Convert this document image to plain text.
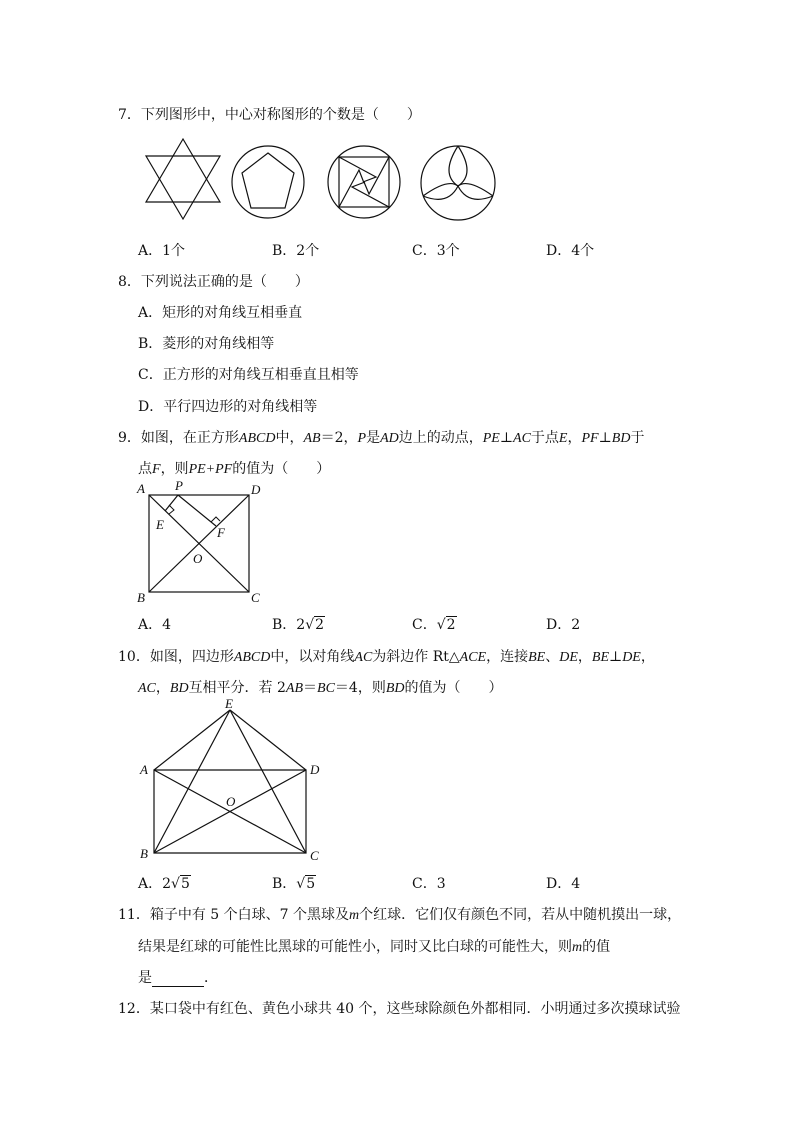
7．下列图形中，中心对称图形的个数是（　　）
A．1个	B．2个	C．3个	D．4个
8．下列说法正确的是（　　）
A．矩形的对角线互相垂直
B．菱形的对角线相等
C．正方形的对角线互相垂直且相等
D．平行四边形的对角线相等
9．如图，在正方形ABCD中，AB＝2，P是AD边上的动点，PE⊥AC于点E，PF⊥BD于
点F，则PE+PF的值为（　　）
A P	D
E
F
O
B	C
A．4	B．2√2	C．√2	D．2
10．如图，四边形ABCD中，以对角线AC为斜边作 Rt△ACE，连接BE、DE，BE⊥DE，
AC，BD互相平分．若 2AB＝BC＝4，则BD的值为（　　）
E
A	D
O
B	C
A．2√5	B．√5	C．3	D．4
11．箱子中有 5 个白球、7 个黑球及m个红球．它们仅有颜色不同，若从中随机摸出一球，
结果是红球的可能性比黑球的可能性小，同时又比白球的可能性大，则m的值
是	．
12．某口袋中有红色、黄色小球共 40 个，这些球除颜色外都相同．小明通过多次摸球试验
